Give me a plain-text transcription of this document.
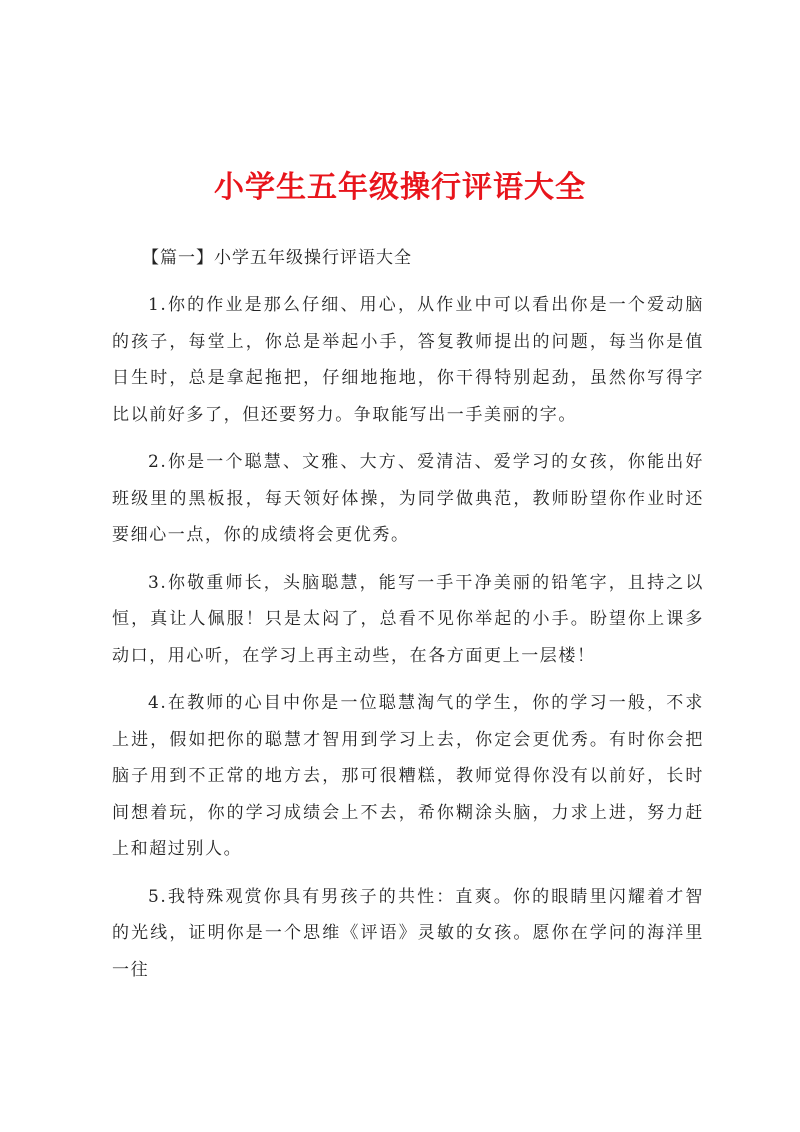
小学生五年级操行评语大全

【篇一】小学五年级操行评语大全

1.你的作业是那么仔细、用心，从作业中可以看出你是一个爱动脑的孩子，每堂上，你总是举起小手，答复教师提出的问题，每当你是值日生时，总是拿起拖把，仔细地拖地，你干得特别起劲，虽然你写得字比以前好多了，但还要努力。争取能写出一手美丽的字。

2.你是一个聪慧、文雅、大方、爱清洁、爱学习的女孩，你能出好班级里的黑板报，每天领好体操，为同学做典范，教师盼望你作业时还要细心一点，你的成绩将会更优秀。

3.你敬重师长，头脑聪慧，能写一手干净美丽的铅笔字，且持之以恒，真让人佩服！只是太闷了，总看不见你举起的小手。盼望你上课多动口，用心听，在学习上再主动些，在各方面更上一层楼！

4.在教师的心目中你是一位聪慧淘气的学生，你的学习一般，不求上进，假如把你的聪慧才智用到学习上去，你定会更优秀。有时你会把脑子用到不正常的地方去，那可很糟糕，教师觉得你没有以前好，长时间想着玩，你的学习成绩会上不去，希你糊涂头脑，力求上进，努力赶上和超过别人。

5.我特殊观赏你具有男孩子的共性：直爽。你的眼睛里闪耀着才智的光线，证明你是一个思维《评语》灵敏的女孩。愿你在学问的海洋里一往
